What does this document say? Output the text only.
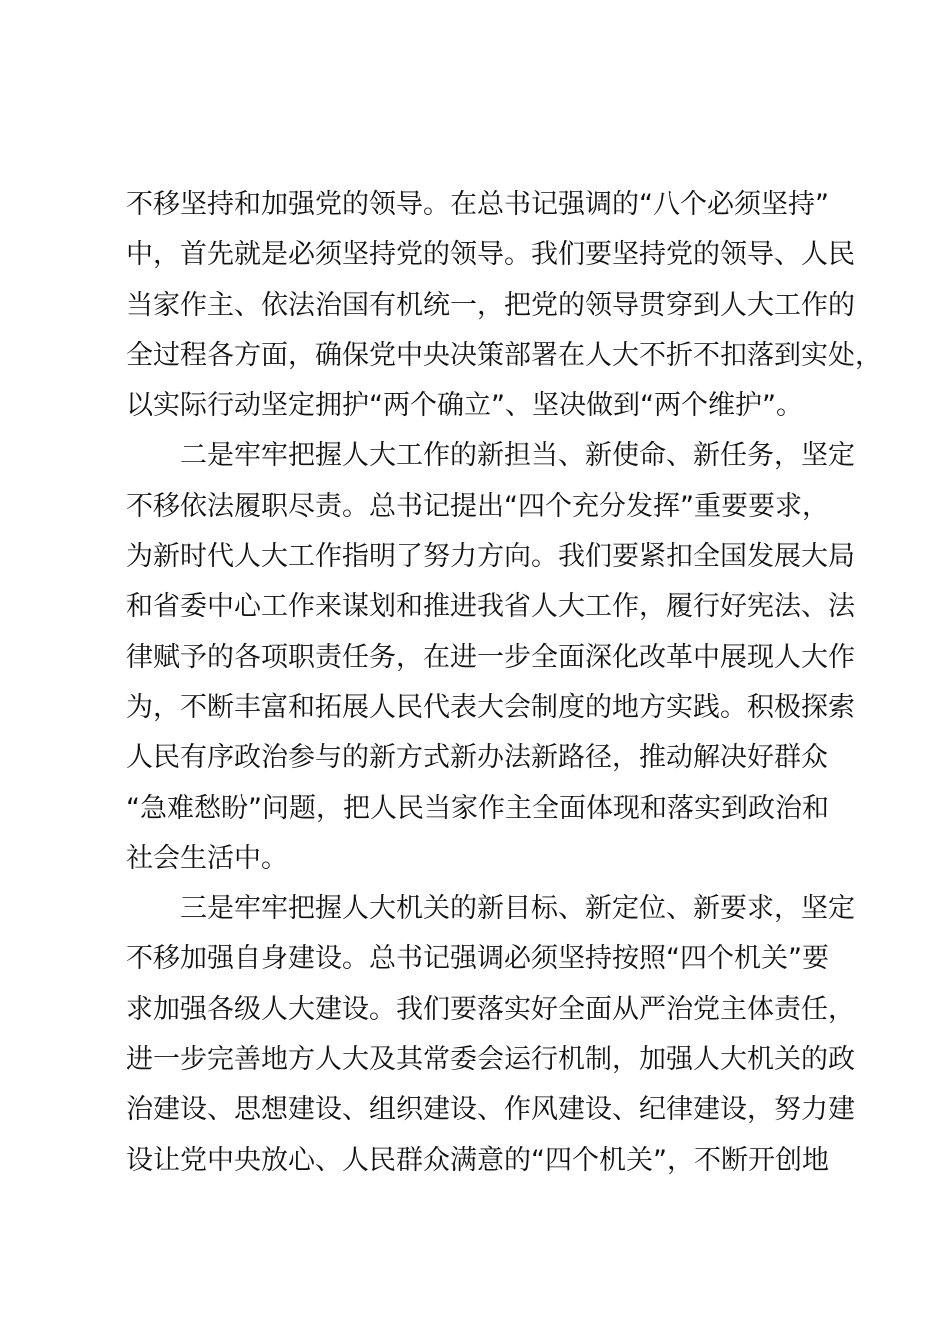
不移坚持和加强党的领导。在总书记强调的“八个必须坚持”
中，首先就是必须坚持党的领导。我们要坚持党的领导、人民
当家作主、依法治国有机统一，把党的领导贯穿到人大工作的
全过程各方面，确保党中央决策部署在人大不折不扣落到实处，
以实际行动坚定拥护“两个确立”、坚决做到“两个维护”。
　　二是牢牢把握人大工作的新担当、新使命、新任务，坚定
不移依法履职尽责。总书记提出“四个充分发挥”重要要求，
为新时代人大工作指明了努力方向。我们要紧扣全国发展大局
和省委中心工作来谋划和推进我省人大工作，履行好宪法、法
律赋予的各项职责任务，在进一步全面深化改革中展现人大作
为，不断丰富和拓展人民代表大会制度的地方实践。积极探索
人民有序政治参与的新方式新办法新路径，推动解决好群众
“急难愁盼”问题，把人民当家作主全面体现和落实到政治和
社会生活中。
　　三是牢牢把握人大机关的新目标、新定位、新要求，坚定
不移加强自身建设。总书记强调必须坚持按照“四个机关”要
求加强各级人大建设。我们要落实好全面从严治党主体责任，
进一步完善地方人大及其常委会运行机制，加强人大机关的政
治建设、思想建设、组织建设、作风建设、纪律建设，努力建
设让党中央放心、人民群众满意的“四个机关”，不断开创地
